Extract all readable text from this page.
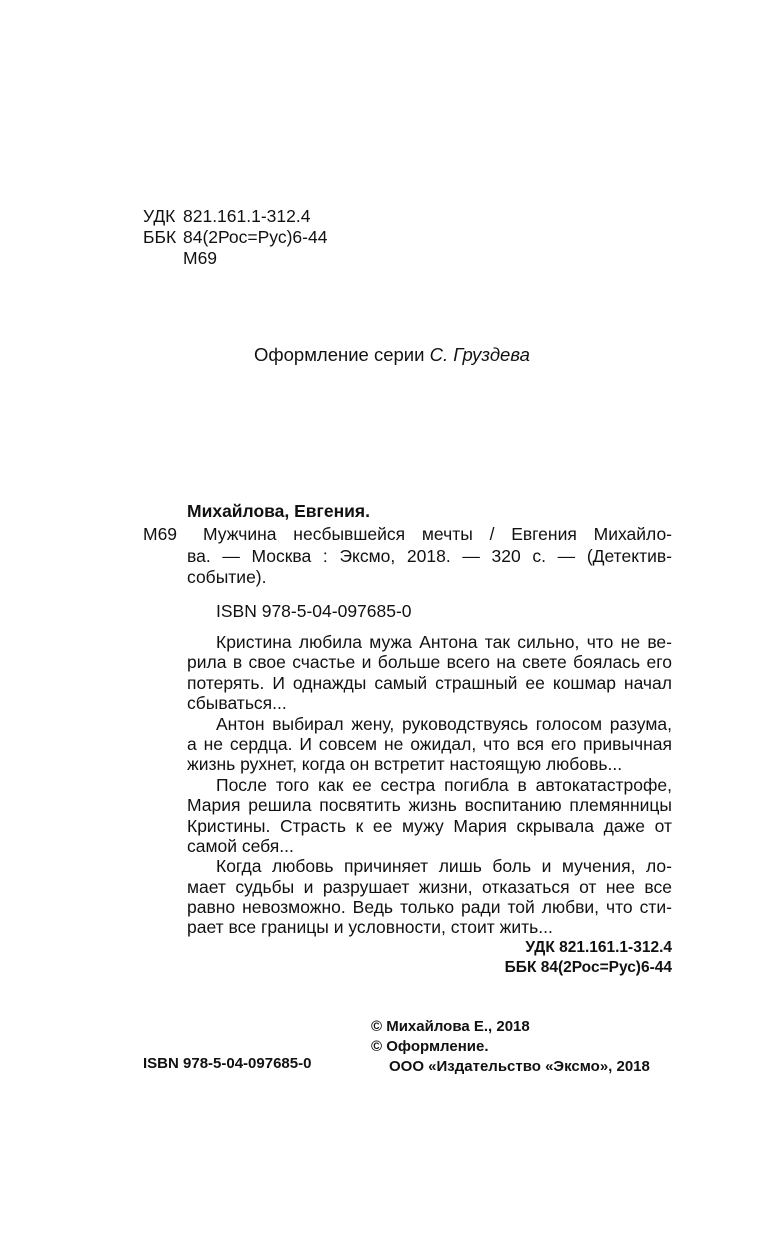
УДК 821.161.1-312.4
ББК 84(2Рос=Рус)6-44
М69
Оформление серии С. Груздева
Михайлова, Евгения.
М69	Мужчина несбывшейся мечты / Евгения Михайло-
ва. — Москва : Эксмо, 2018. — 320 с. — (Детектив-
событие).
ISBN 978-5-04-097685-0
Кристина любила мужа Антона так сильно, что не ве-
рила в свое счастье и больше всего на свете боялась его
потерять. И однажды самый страшный ее кошмар начал
сбываться...
Антон выбирал жену, руководствуясь голосом разума,
а не сердца. И совсем не ожидал, что вся его привычная
жизнь рухнет, когда он встретит настоящую любовь...
После того как ее сестра погибла в автокатастрофе,
Мария решила посвятить жизнь воспитанию племянницы
Кристины. Страсть к ее мужу Мария скрывала даже от
самой себя...
Когда любовь причиняет лишь боль и мучения, ло-
мает судьбы и разрушает жизни, отказаться от нее все
равно невозможно. Ведь только ради той любви, что сти-
рает все границы и условности, стоит жить...
УДК 821.161.1-312.4
ББК 84(2Рос=Рус)6-44
ISBN 978-5-04-097685-0
© Михайлова Е., 2018
© Оформление.
ООО «Издательство «Эксмо», 2018
